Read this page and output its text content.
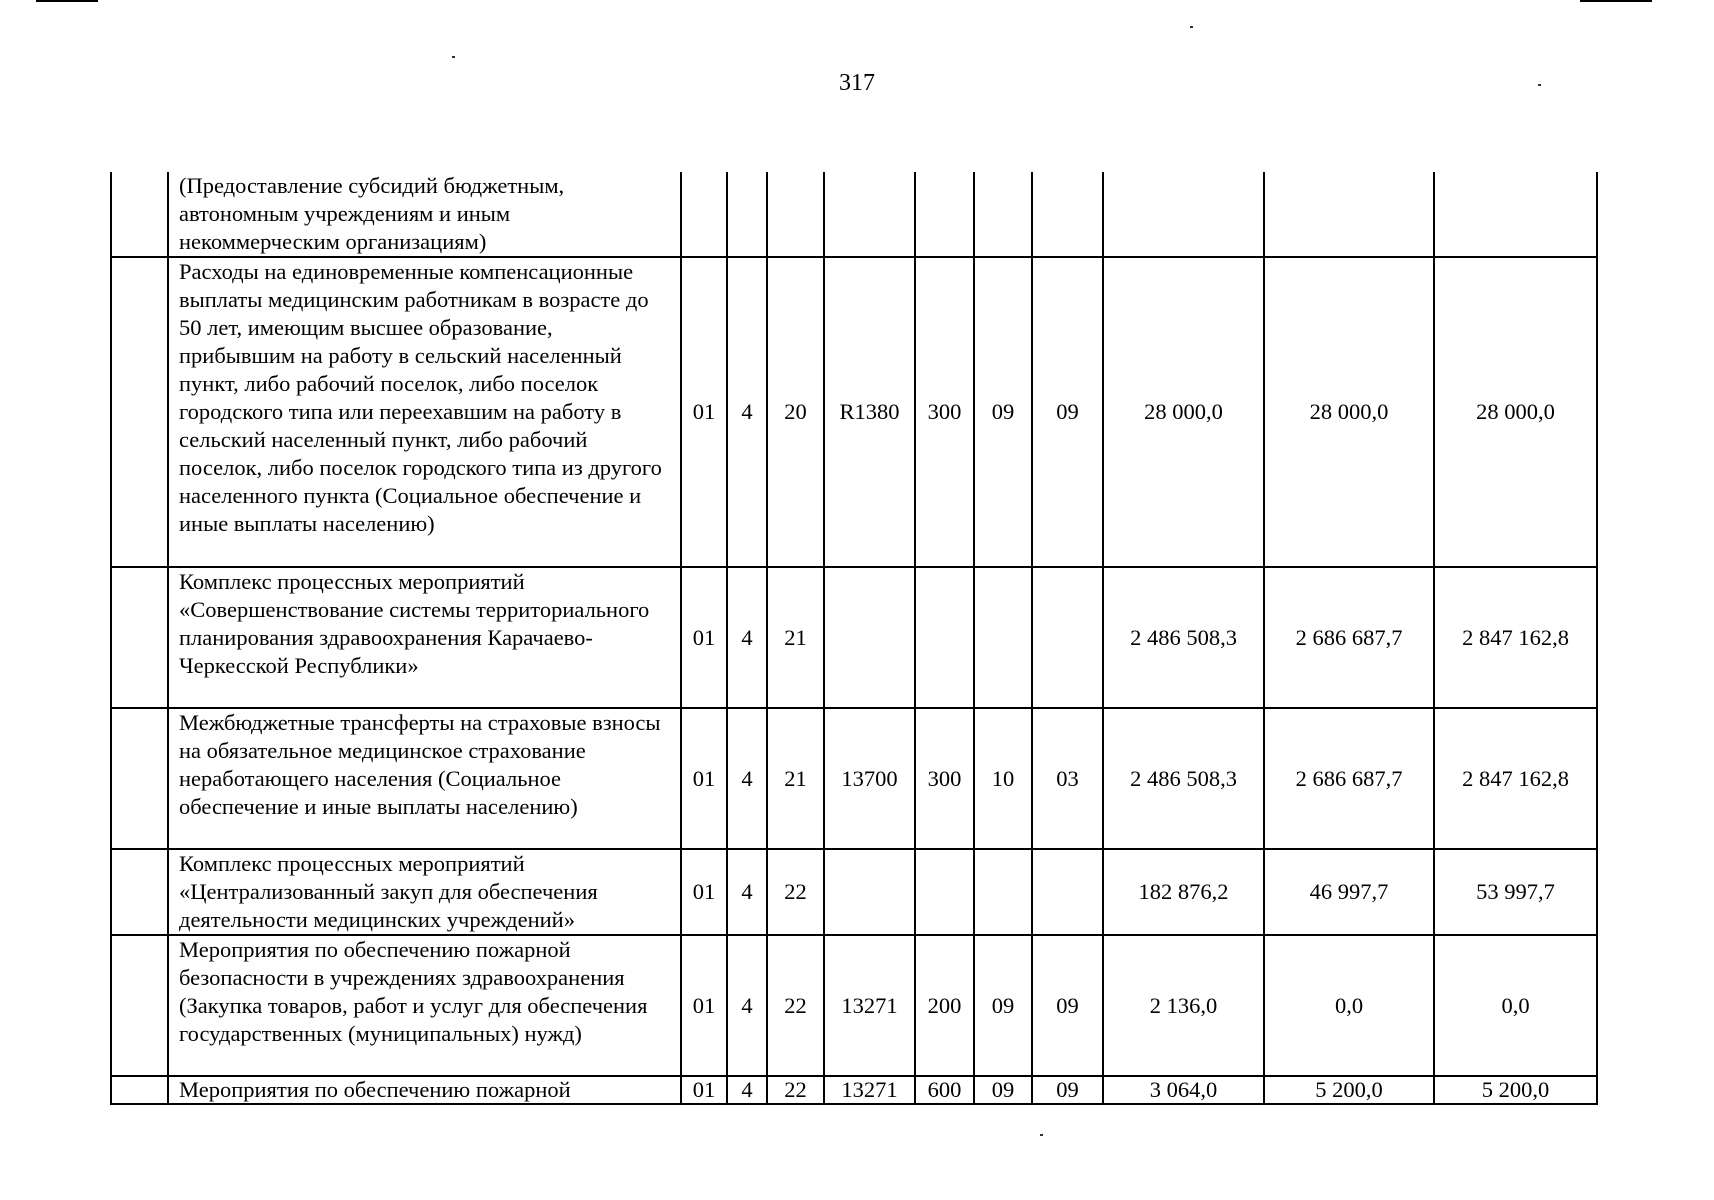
317
	(Предоставление субсидий бюджетным, автономным учреждениям и иным некоммерческим организациям)										
	Расходы на единовременные компенсационные выплаты медицинским работникам в возрасте до 50 лет, имеющим высшее образование, прибывшим на работу в сельский населенный пункт, либо рабочий поселок, либо поселок городского типа или переехавшим на работу в сельский населенный пункт, либо рабочий поселок, либо поселок городского типа из другого населенного пункта (Социальное обеспечение и иные выплаты населению)	01	4	20	R1380	300	09	09	28 000,0	28 000,0	28 000,0
	Комплекс процессных мероприятий «Совершенствование системы территориального планирования здравоохранения Карачаево-Черкесской Республики»	01	4	21					2 486 508,3	2 686 687,7	2 847 162,8
	Межбюджетные трансферты на страховые взносы на обязательное медицинское страхование неработающего населения (Социальное обеспечение и иные выплаты населению)	01	4	21	13700	300	10	03	2 486 508,3	2 686 687,7	2 847 162,8
	Комплекс процессных мероприятий «Централизованный закуп для обеспечения деятельности медицинских учреждений»	01	4	22					182 876,2	46 997,7	53 997,7
	Мероприятия по обеспечению пожарной безопасности в учреждениях здравоохранения (Закупка товаров, работ и услуг для обеспечения государственных (муниципальных) нужд)	01	4	22	13271	200	09	09	2 136,0	0,0	0,0
	Мероприятия по обеспечению пожарной	01	4	22	13271	600	09	09	3 064,0	5 200,0	5 200,0
